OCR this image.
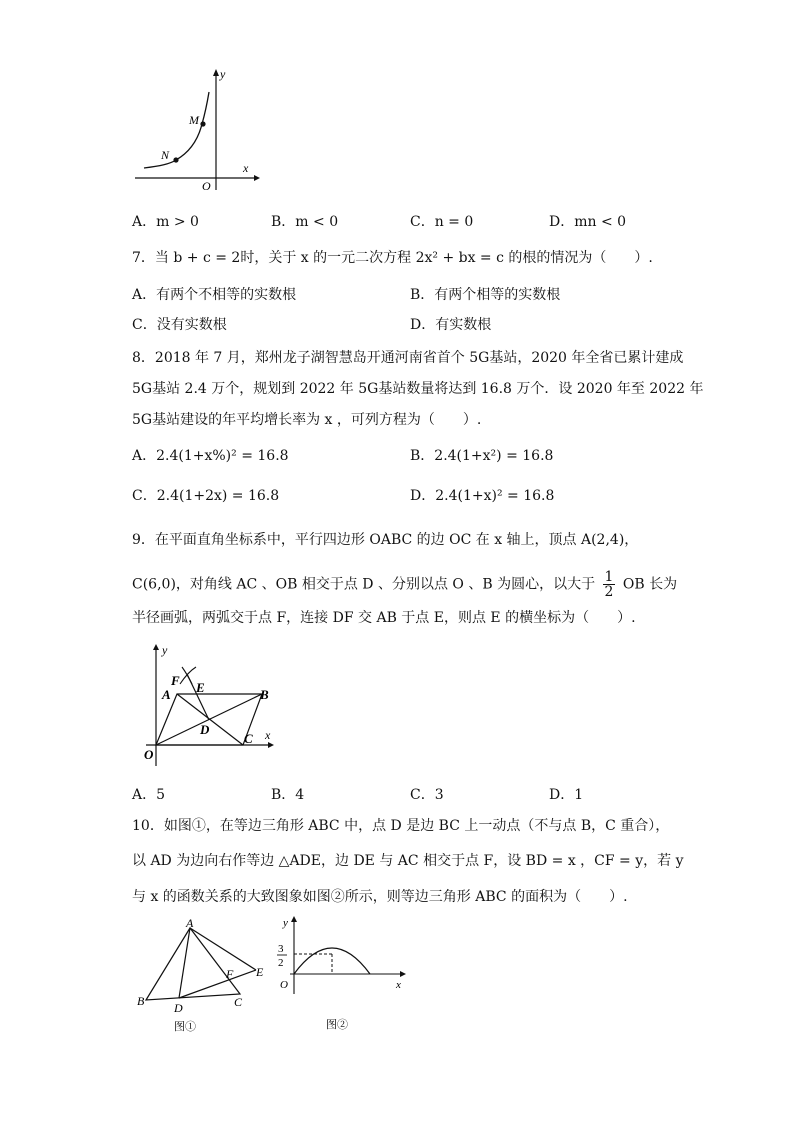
y
x
O
M
N
A．m > 0	B．m < 0	C．n = 0	D．mn < 0
7．当 b + c = 2时，关于 x 的一元二次方程 2x² + bx = c 的根的情况为（　　）.
A．有两个不相等的实数根	B．有两个相等的实数根
C．没有实数根	D．有实数根
8．2018 年 7 月，郑州龙子湖智慧岛开通河南省首个 5G基站，2020 年全省已累计建成
5G基站 2.4 万个，规划到 2022 年 5G基站数量将达到 16.8 万个．设 2020 年至 2022 年
5G基站建设的年平均增长率为 x ，可列方程为（　　）.
A．2.4(1+x%)² = 16.8	B．2.4(1+x²) = 16.8
C．2.4(1+2x) = 16.8	D．2.4(1+x)² = 16.8
9．在平面直角坐标系中，平行四边形 OABC 的边 OC 在 x 轴上，顶点 A(2,4)，
C(6,0)，对角线 AC 、OB 相交于点 D 、分别以点 O 、B 为圆心，以大于 $\frac{1}{2}$ OB 长为
半径画弧，两弧交于点 F，连接 DF 交 AB 于点 E，则点 E 的横坐标为（　　）.
y
x
O
A	B
C
D
E
F
A．5	B．4	C．3	D．1
10．如图①，在等边三角形 ABC 中，点 D 是边 BC 上一动点（不与点 B，C 重合），
以 AD 为边向右作等边 △ADE，边 DE 与 AC 相交于点 F，设 BD = x ，CF = y，若 y
与 x 的函数关系的大致图象如图②所示，则等边三角形 ABC 的面积为（　　）.
A
B	C
D
E
F
图①
y
x
O
3
2
图②
